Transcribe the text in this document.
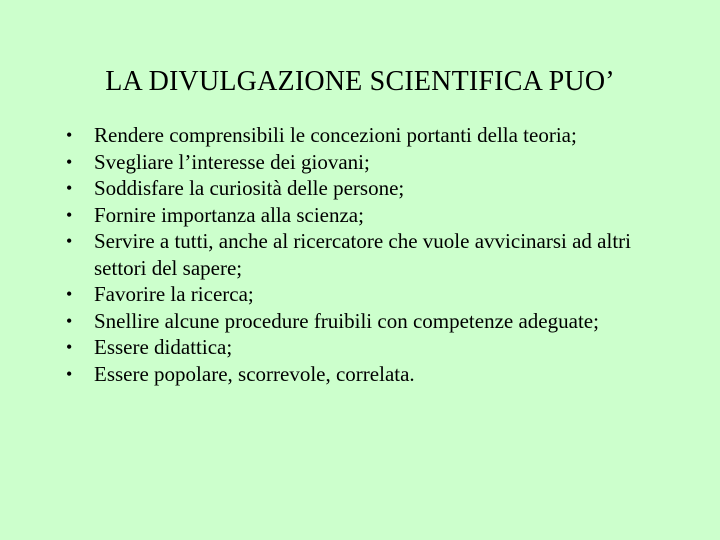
LA DIVULGAZIONE SCIENTIFICA PUO’
•	Rendere comprensibili le concezioni portanti della teoria;
•	Svegliare l’interesse dei giovani;
•	Soddisfare la curiosità delle persone;
•	Fornire importanza alla scienza;
•	Servire a tutti, anche al ricercatore che vuole avvicinarsi ad altri settori del sapere;
•	Favorire la ricerca;
•	Snellire alcune procedure fruibili con competenze adeguate;
•	Essere didattica;
•	Essere popolare, scorrevole, correlata.
